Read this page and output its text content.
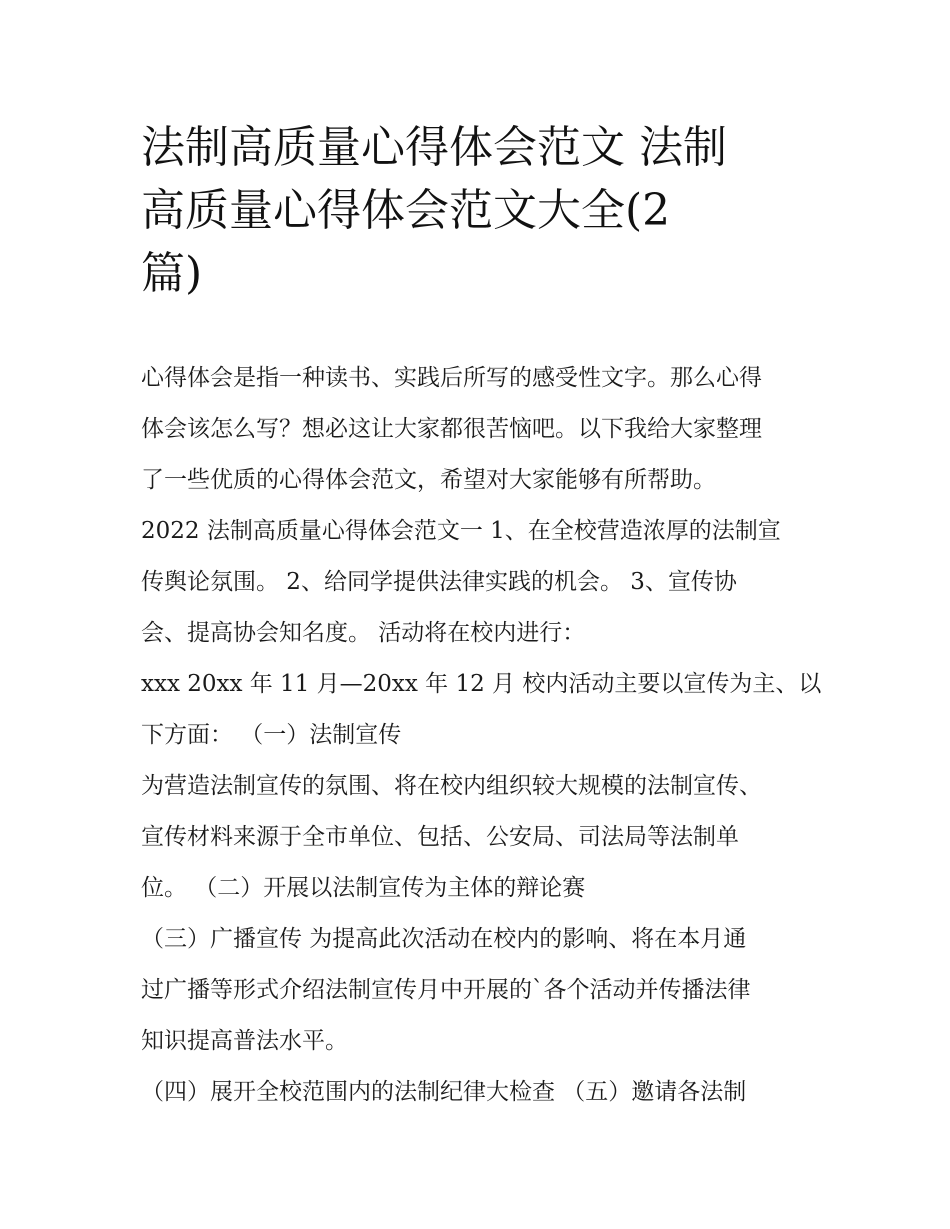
法制高质量心得体会范文 法制
高质量心得体会范文大全(2
篇)

心得体会是指一种读书、实践后所写的感受性文字。那么心得

体会该怎么写？想必这让大家都很苦恼吧。以下我给大家整理

了一些优质的心得体会范文，希望对大家能够有所帮助。

2022 法制高质量心得体会范文一 1、在全校营造浓厚的法制宣

传舆论氛围。 2、给同学提供法律实践的机会。 3、宣传协

会、提高协会知名度。 活动将在校内进行：

xxx 20xx 年 11 月—20xx 年 12 月 校内活动主要以宣传为主、以

下方面： （一）法制宣传

为营造法制宣传的氛围、将在校内组织较大规模的法制宣传、

宣传材料来源于全市单位、包括、公安局、司法局等法制单

位。 （二）开展以法制宣传为主体的辩论赛

（三）广播宣传 为提高此次活动在校内的影响、将在本月通

过广播等形式介绍法制宣传月中开展的`各个活动并传播法律

知识提高普法水平。

（四）展开全校范围内的法制纪律大检查 （五）邀请各法制
